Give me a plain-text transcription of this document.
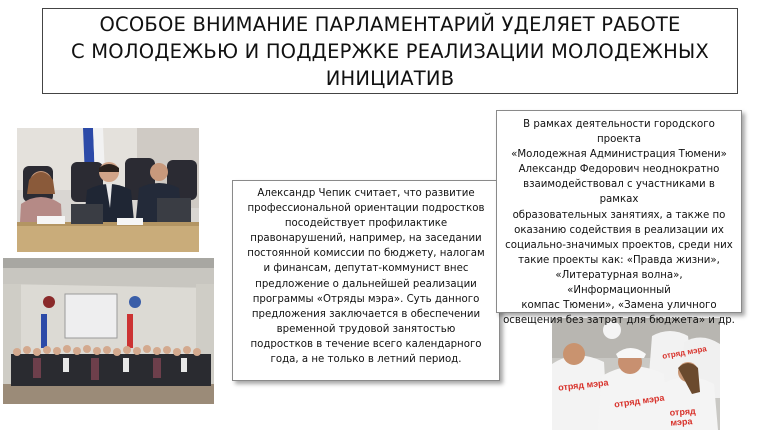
ОСОБОЕ ВНИМАНИЕ ПАРЛАМЕНТАРИЙ УДЕЛЯЕТ РАБОТЕ
С МОЛОДЕЖЬЮ И ПОДДЕРЖКЕ РЕАЛИЗАЦИИ МОЛОДЕЖНЫХ
ИНИЦИАТИВ
отряд мэра
отряд мэра
отряд мэра
отряд мэра
Александр Чепик считает, что развитие
профессиональной ориентации подростков
посодействует профилактике
правонарушений, например, на заседании
постоянной комиссии по бюджету, налогам
и финансам, депутат-коммунист внес
предложение о дальнейшей реализации
программы «Отряды мэра». Суть данного
предложения заключается в обеспечении
временной трудовой занятостью
подростков в течение всего календарного
года, а не только в летний период.
В рамках деятельности городского проекта
«Молодежная Администрация Тюмени»
Александр Федорович неоднократно
взаимодействовал с участниками в рамках
образовательных занятиях, а также по
оказанию содействия в реализации их
социально-значимых проектов, среди них
такие проекты как: «Правда жизни»,
«Литературная волна», «Информационный
компас Тюмени», «Замена уличного
освещения без затрат для бюджета» и др.
